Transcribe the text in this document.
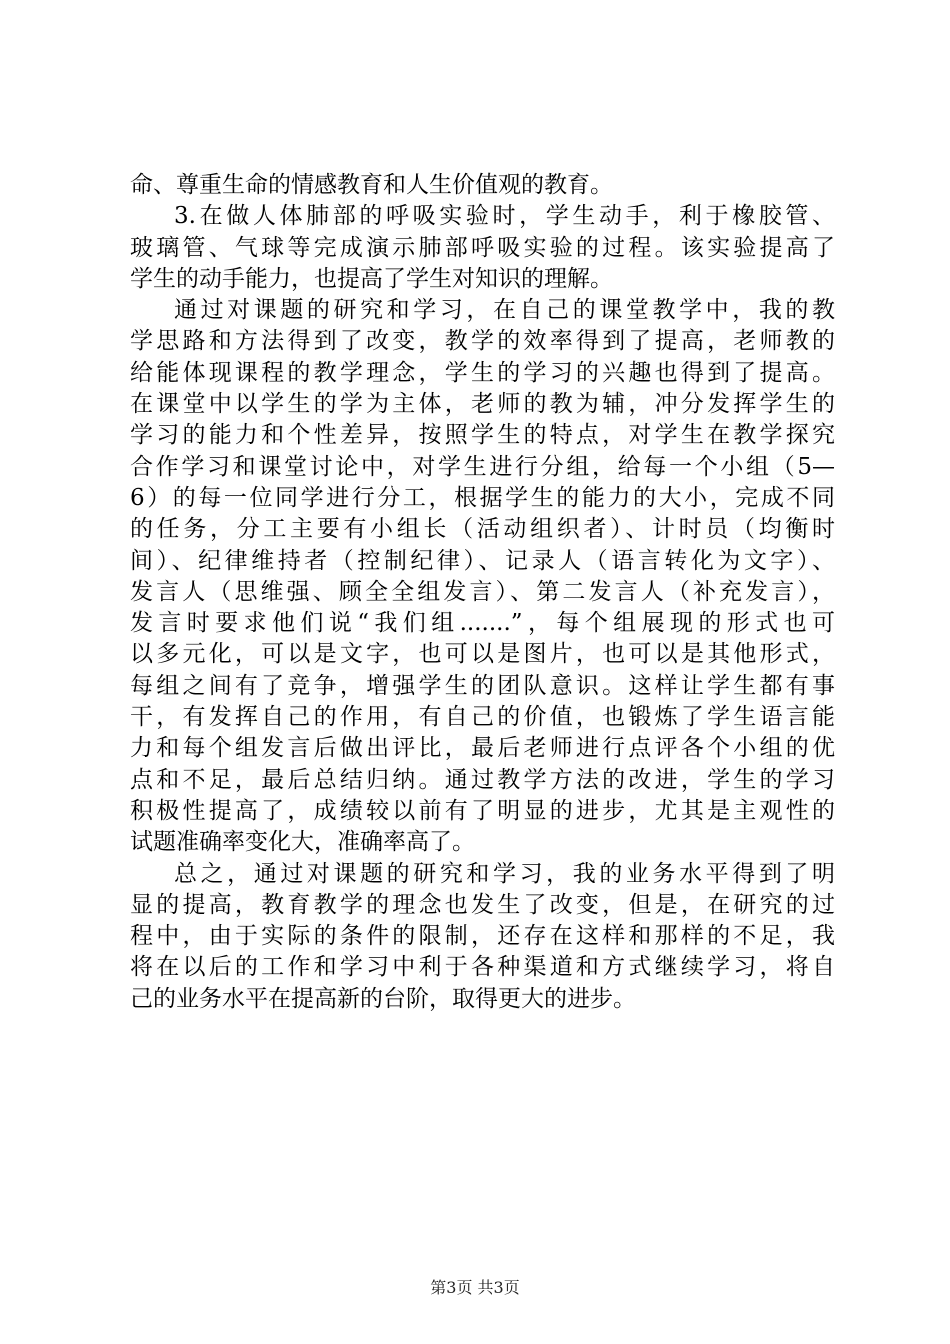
命、尊重生命的情感教育和人生价值观的教育。
3.在做人体肺部的呼吸实验时，学生动手，利于橡胶管、
玻璃管、气球等完成演示肺部呼吸实验的过程。该实验提高了
学生的动手能力，也提高了学生对知识的理解。
通过对课题的研究和学习，在自己的课堂教学中，我的教
学思路和方法得到了改变，教学的效率得到了提高，老师教的
给能体现课程的教学理念，学生的学习的兴趣也得到了提高。
在课堂中以学生的学为主体，老师的教为辅，冲分发挥学生的
学习的能力和个性差异，按照学生的特点，对学生在教学探究
合作学习和课堂讨论中，对学生进行分组，给每一个小组（5—
6）的每一位同学进行分工，根据学生的能力的大小，完成不同
的任务，分工主要有小组长（活动组织者）、计时员（均衡时
间）、纪律维持者（控制纪律）、记录人（语言转化为文字）、
发言人（思维强、顾全全组发言）、第二发言人（补充发言），
发言时要求他们说“我们组.......”，每个组展现的形式也可
以多元化，可以是文字，也可以是图片，也可以是其他形式，
每组之间有了竞争，增强学生的团队意识。这样让学生都有事
干，有发挥自己的作用，有自己的价值，也锻炼了学生语言能
力和每个组发言后做出评比，最后老师进行点评各个小组的优
点和不足，最后总结归纳。通过教学方法的改进，学生的学习
积极性提高了，成绩较以前有了明显的进步，尤其是主观性的
试题准确率变化大，准确率高了。
总之，通过对课题的研究和学习，我的业务水平得到了明
显的提高，教育教学的理念也发生了改变，但是，在研究的过
程中，由于实际的条件的限制，还存在这样和那样的不足，我
将在以后的工作和学习中利于各种渠道和方式继续学习，将自
己的业务水平在提高新的台阶，取得更大的进步。
第3页 共3页
